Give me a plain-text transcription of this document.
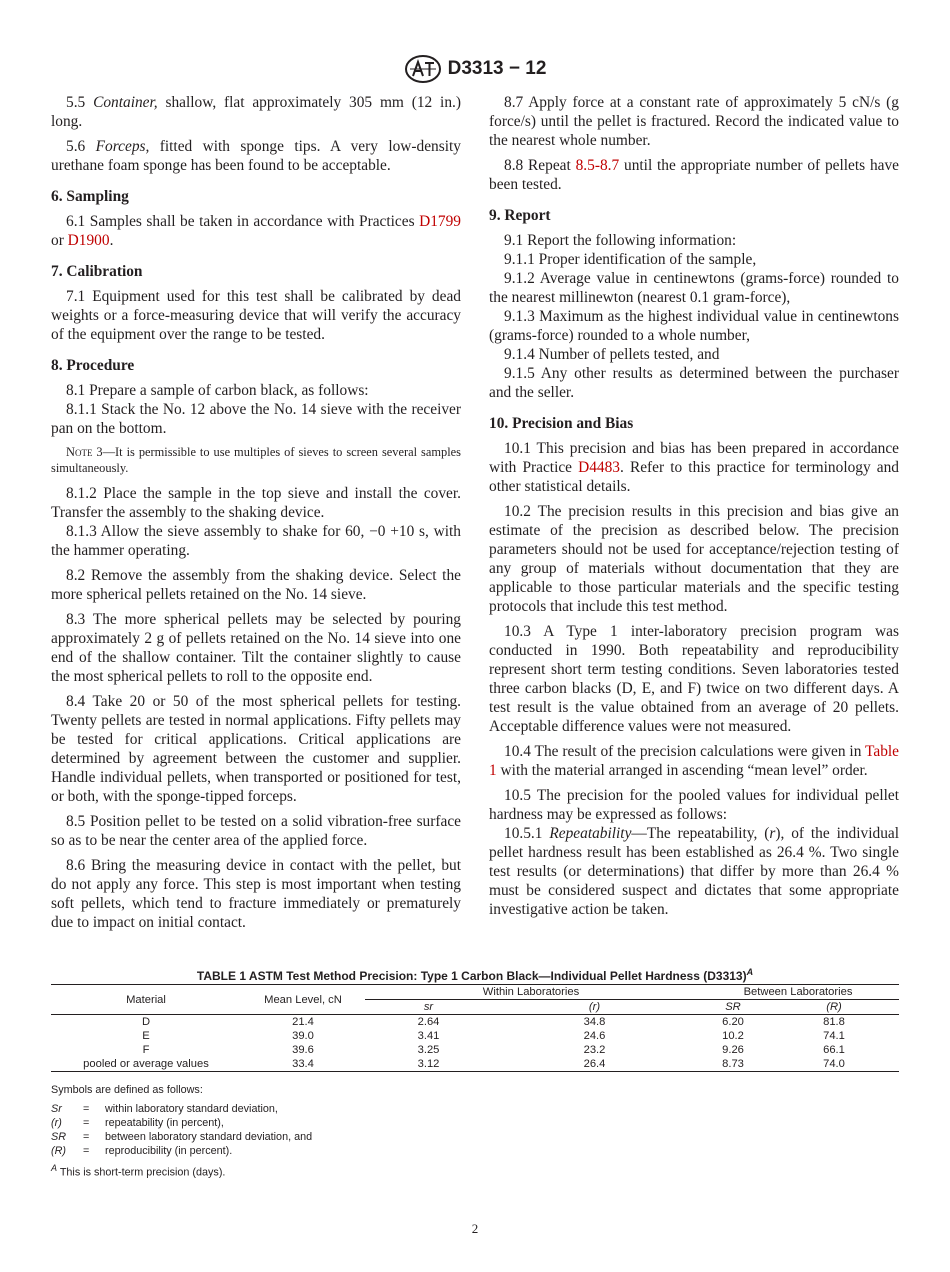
D3313 − 12

5.5 Container, shallow, flat approximately 305 mm (12 in.) long.

5.6 Forceps, fitted with sponge tips. A very low-density urethane foam sponge has been found to be acceptable.

6. Sampling

6.1 Samples shall be taken in accordance with Practices D1799 or D1900.

7. Calibration

7.1 Equipment used for this test shall be calibrated by dead weights or a force-measuring device that will verify the accuracy of the equipment over the range to be tested.

8. Procedure

8.1 Prepare a sample of carbon black, as follows:

8.1.1 Stack the No. 12 above the No. 14 sieve with the receiver pan on the bottom.

Note 3—It is permissible to use multiples of sieves to screen several samples simultaneously.

8.1.2 Place the sample in the top sieve and install the cover. Transfer the assembly to the shaking device.

8.1.3 Allow the sieve assembly to shake for 60, −0 +10 s, with the hammer operating.

8.2 Remove the assembly from the shaking device. Select the more spherical pellets retained on the No. 14 sieve.

8.3 The more spherical pellets may be selected by pouring approximately 2 g of pellets retained on the No. 14 sieve into one end of the shallow container. Tilt the container slightly to cause the most spherical pellets to roll to the opposite end.

8.4 Take 20 or 50 of the most spherical pellets for testing. Twenty pellets are tested in normal applications. Fifty pellets may be tested for critical applications. Critical applications are determined by agreement between the customer and supplier. Handle individual pellets, when transported or positioned for test, or both, with the sponge-tipped forceps.

8.5 Position pellet to be tested on a solid vibration-free surface so as to be near the center area of the applied force.

8.6 Bring the measuring device in contact with the pellet, but do not apply any force. This step is most important when testing soft pellets, which tend to fracture immediately or prematurely due to impact on initial contact.

8.7 Apply force at a constant rate of approximately 5 cN/s (g force/s) until the pellet is fractured. Record the indicated value to the nearest whole number.

8.8 Repeat 8.5-8.7 until the appropriate number of pellets have been tested.

9. Report

9.1 Report the following information:

9.1.1 Proper identification of the sample,

9.1.2 Average value in centinewtons (grams-force) rounded to the nearest millinewton (nearest 0.1 gram-force),

9.1.3 Maximum as the highest individual value in centinewtons (grams-force) rounded to a whole number,

9.1.4 Number of pellets tested, and

9.1.5 Any other results as determined between the purchaser and the seller.

10. Precision and Bias

10.1 This precision and bias has been prepared in accordance with Practice D4483. Refer to this practice for terminology and other statistical details.

10.2 The precision results in this precision and bias give an estimate of the precision as described below. The precision parameters should not be used for acceptance/rejection testing of any group of materials without documentation that they are applicable to those particular materials and the specific testing protocols that include this test method.

10.3 A Type 1 inter-laboratory precision program was conducted in 1990. Both repeatability and reproducibility represent short term testing conditions. Seven laboratories tested three carbon blacks (D, E, and F) twice on two different days. A test result is the value obtained from an average of 20 pellets. Acceptable difference values were not measured.

10.4 The result of the precision calculations were given in Table 1 with the material arranged in ascending “mean level” order.

10.5 The precision for the pooled values for individual pellet hardness may be expressed as follows:

10.5.1 Repeatability—The repeatability, (r), of the individual pellet hardness result has been established as 26.4 %. Two single test results (or determinations) that differ by more than 26.4 % must be considered suspect and dictates that some appropriate investigative action be taken.

TABLE 1 ASTM Test Method Precision: Type 1 Carbon Black—Individual Pellet Hardness $(D3313)^A$
Material	Mean Level, cN	Within Laboratories		Between Laboratories	
		sr	(r)	SR	(R)
D	21.4	2.64	34.8	6.20	81.8
E	39.0	3.41	24.6	10.2	74.1
F	39.6	3.25	23.2	9.26	66.1
pooled or average values	33.4	3.12	26.4	8.73	74.0
Symbols are defined as follows:
Sr	=	within laboratory standard deviation,
(r)	=	repeatability (in percent),
SR	=	between laboratory standard deviation, and
(R)	=	reproducibility (in percent).
$^A$ This is short-term precision (days).
2
